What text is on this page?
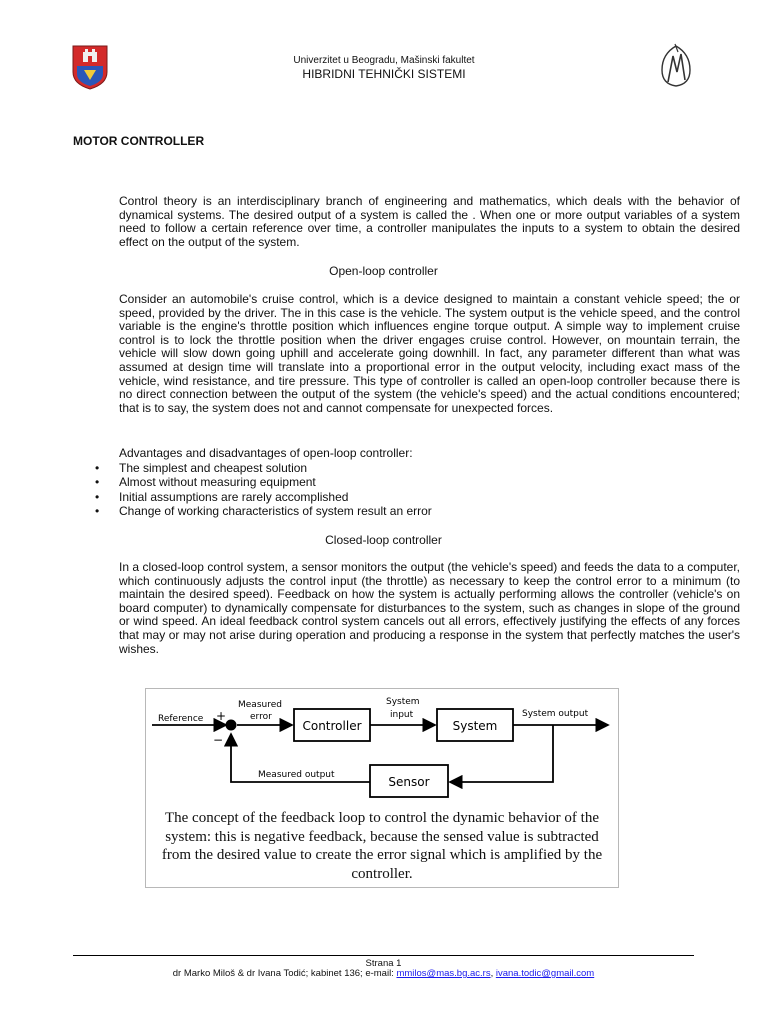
Univerzitet u Beogradu, Mašinski fakultet
HIBRIDNI TEHNIČKI SISTEMI
MOTOR CONTROLLER
Control theory is an interdisciplinary branch of engineering and mathematics, which deals with the behavior of dynamical systems. The desired output of a system is called the . When one or more output variables of a system need to follow a certain reference over time, a controller manipulates the inputs to a system to obtain the desired effect on the output of the system.
Open-loop controller
Consider an automobile's cruise control, which is a device designed to maintain a constant vehicle speed; the or speed, provided by the driver. The in this case is the vehicle. The system output is the vehicle speed, and the control variable is the engine's throttle position which influences engine torque output. A simple way to implement cruise control is to lock the throttle position when the driver engages cruise control. However, on mountain terrain, the vehicle will slow down going uphill and accelerate going downhill. In fact, any parameter different than what was assumed at design time will translate into a proportional error in the output velocity, including exact mass of the vehicle, wind resistance, and tire pressure. This type of controller is called an open-loop controller because there is no direct connection between the output of the system (the vehicle's speed) and the actual conditions encountered; that is to say, the system does not and cannot compensate for unexpected forces.
Advantages and disadvantages of open-loop controller:
• The simplest and cheapest solution
• Almost without measuring equipment
• Initial assumptions are rarely accomplished
• Change of working characteristics of system result an error
Closed-loop controller
In a closed-loop control system, a sensor monitors the output (the vehicle's speed) and feeds the data to a computer, which continuously adjusts the control input (the throttle) as necessary to keep the control error to a minimum (to maintain the desired speed). Feedback on how the system is actually performing allows the controller (vehicle's on board computer) to dynamically compensate for disturbances to the system, such as changes in slope of the ground or wind speed. An ideal feedback control system cancels out all errors, effectively justifying the effects of any forces that may or may not arise during operation and producing a response in the system that perfectly matches the user's wishes.
Reference +
−
Measured
error
Controller
System
input
System
System output
Sensor
Measured output
The concept of the feedback loop to control the dynamic behavior of the system: this is negative feedback, because the sensed value is subtracted from the desired value to create the error signal which is amplified by the controller.
Strana 1
dr Marko Miloš & dr Ivana Todić; kabinet 136; e-mail: mmilos@mas.bg.ac.rs, ivana.todic@gmail.com
